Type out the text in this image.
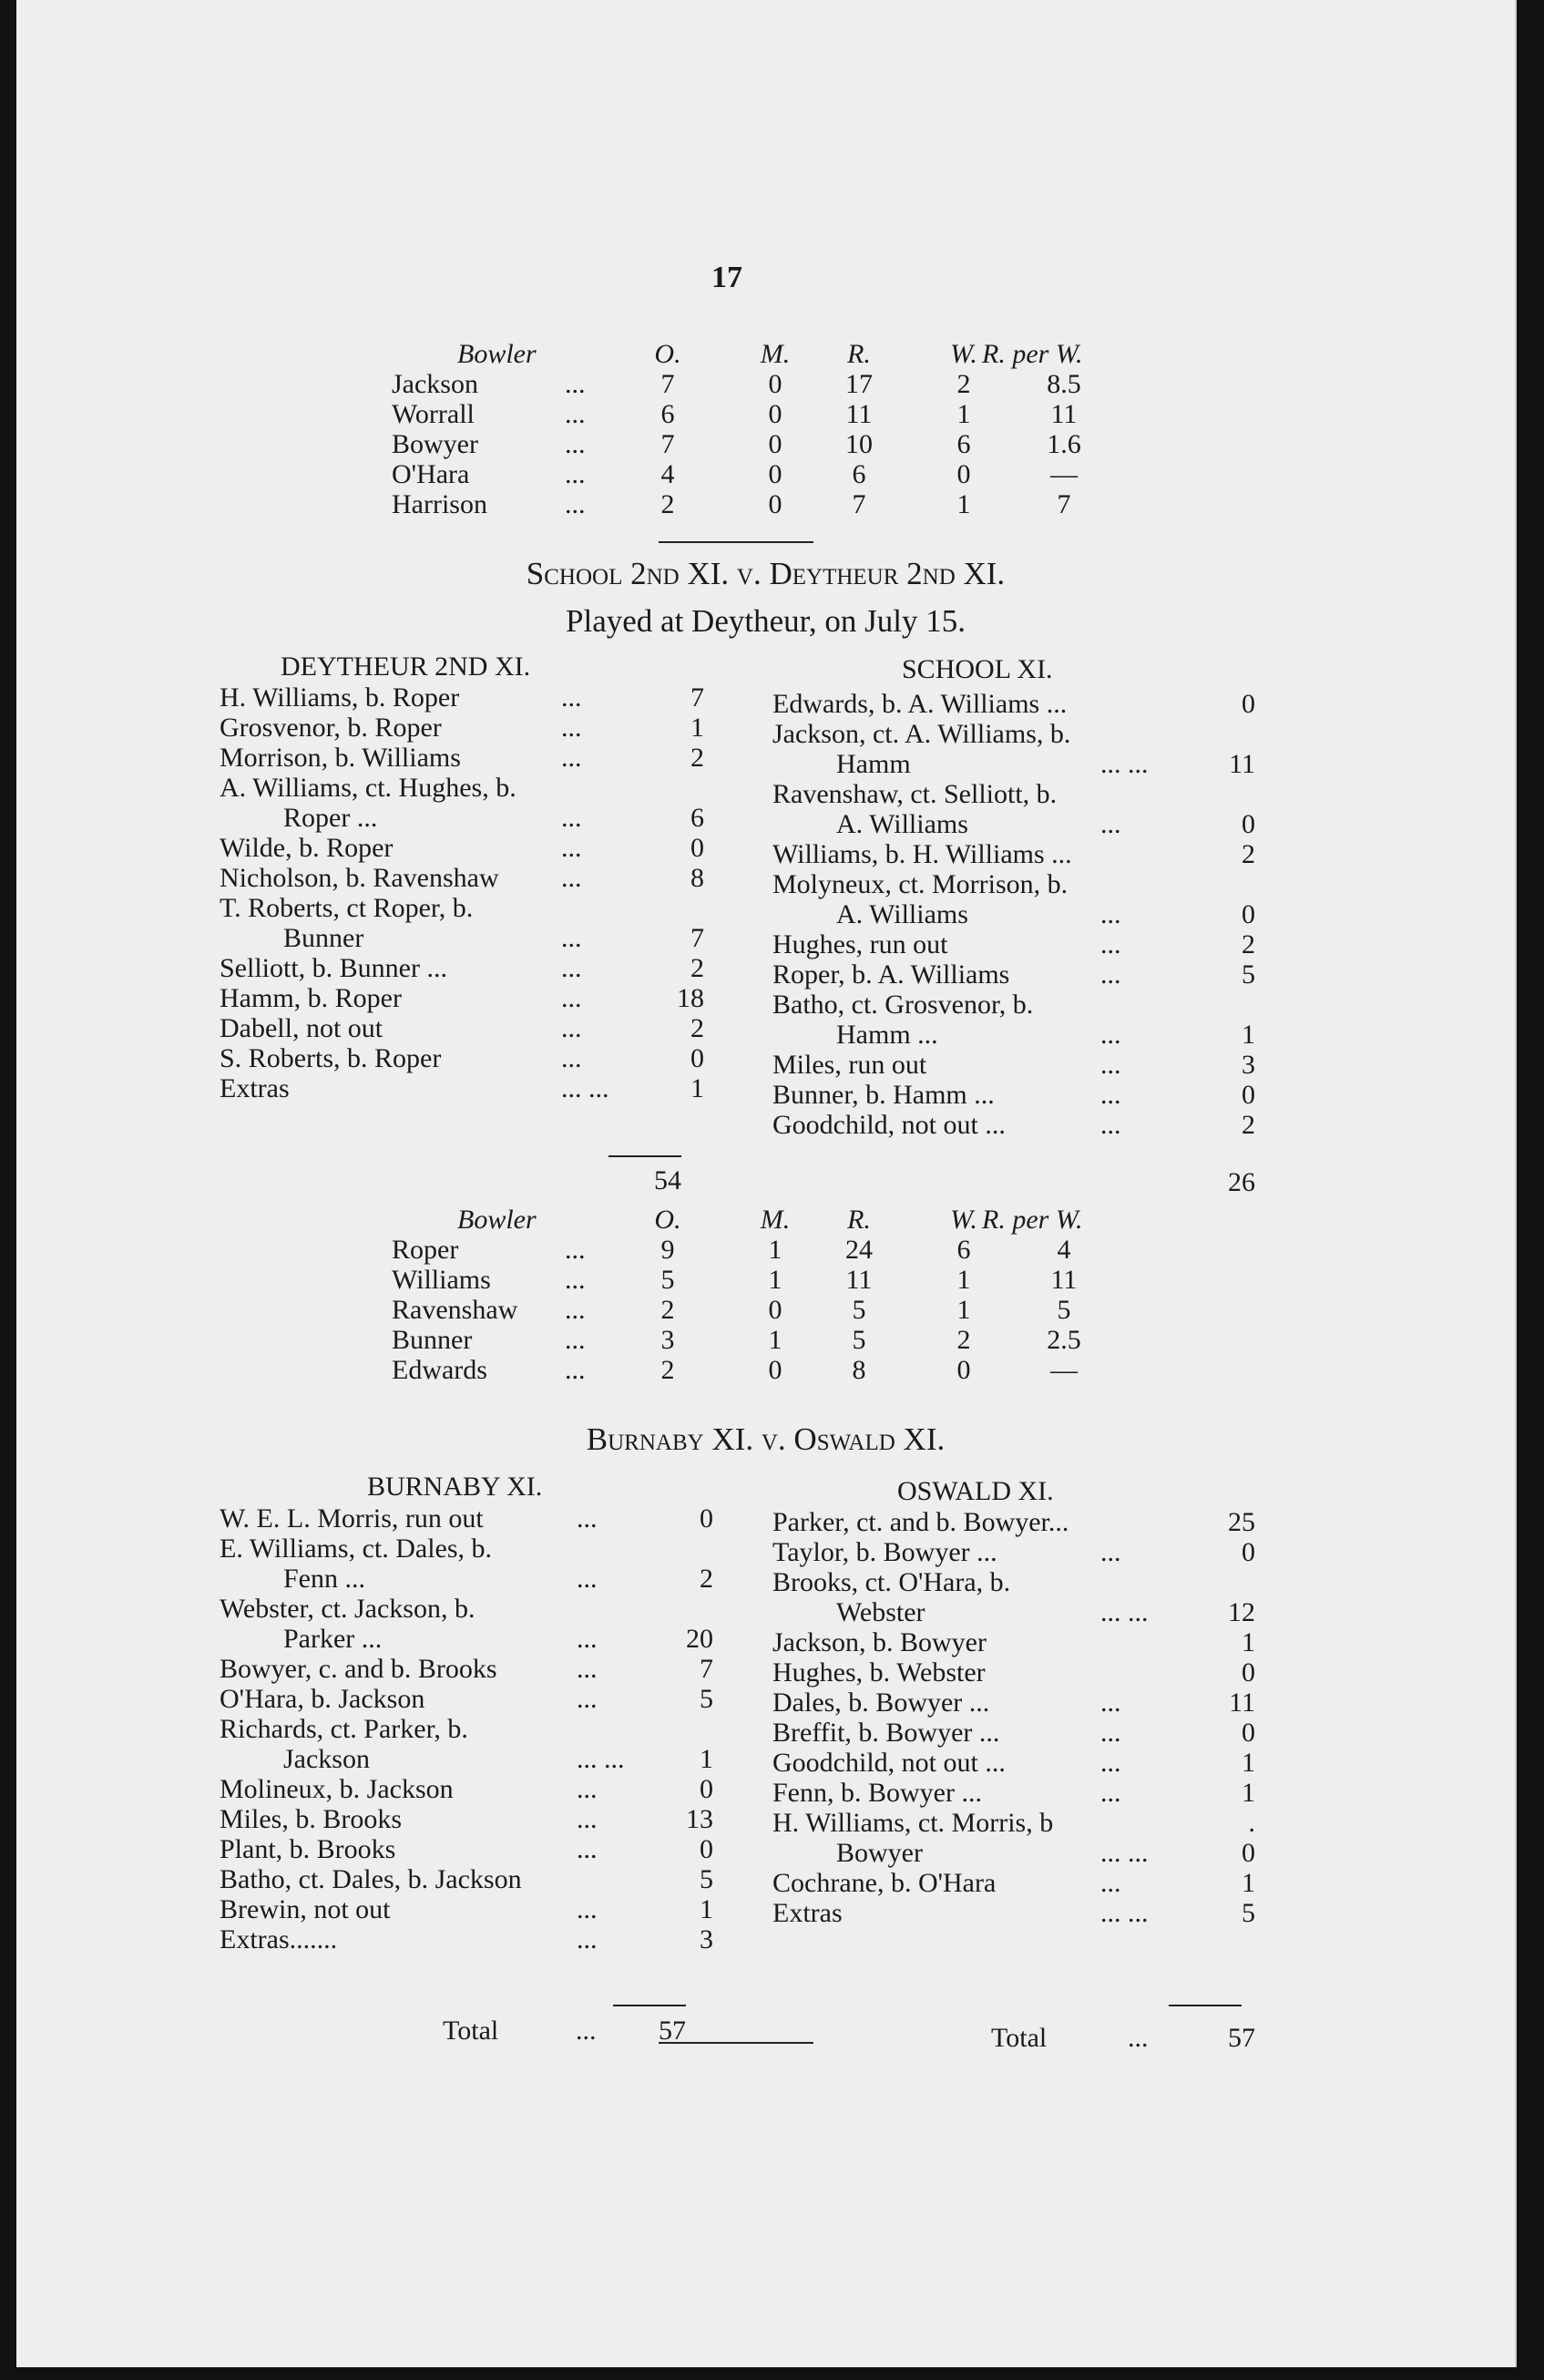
17
Bowler	O.	M.	R.	W. R. per W.
Jackson	...	7	0	17	2	8.5
Worrall	...	6	0	11	1	11
Bowyer	...	7	0	10	6	1.6
O'Hara	...	4	0	6	0	—
Harrison	...	2	0	7	1	7
School 2nd XI. v. Deytheur 2nd XI.
Played at Deytheur, on July 15.
DEYTHEUR 2ND XI.	SCHOOL XI.
H. Williams, b. Roper	...	7
Grosvenor, b. Roper	...	1
Morrison, b. Williams	...	2
A. Williams, ct. Hughes, b.
Roper ...	...	6
Wilde, b. Roper	...	0
Nicholson, b. Ravenshaw ...	8
T. Roberts, ct Roper, b.
Bunner	...	7
Selliott, b. Bunner ...	...	2
Hamm, b. Roper	...	18
Dabell, not out	...	2
S. Roberts, b. Roper	...	0
Extras	... ...	1
Edwards, b. A. Williams ...	0
Jackson, ct. A. Williams, b.
Hamm	... ...	11
Ravenshaw, ct. Selliott, b.
A. Williams	...	0
Williams, b. H. Williams ...	2
Molyneux, ct. Morrison, b.
A. Williams	...	0
Hughes, run out	...	2
Roper, b. A. Williams	...	5
Batho, ct. Grosvenor, b.
Hamm ...	...	1
Miles, run out	...	3
Bunner, b. Hamm ...	...	0
Goodchild, not out ...	...	2
54	26
Bowler	O.	M.	R.	W. R. per W.
Roper	...	9	1	24	6	4
Williams	...	5	1	11	1	11
Ravenshaw ...	2	0	5	1	5
Bunner	...	3	1	5	2	2.5
Edwards	...	2	0	8	0	—
Burnaby XI. v. Oswald XI.
BURNABY XI.	OSWALD XI.
W. E. L. Morris, run out	...	0
E. Williams, ct. Dales, b.
Fenn ...	...	2
Webster, ct. Jackson, b.
Parker ...	...	20
Bowyer, c. and b. Brooks	...	7
O'Hara, b. Jackson	...	5
Richards, ct. Parker, b.
Jackson	... ...	1
Molineux, b. Jackson	...	0
Miles, b. Brooks	...	13
Plant, b. Brooks	...	0
Batho, ct. Dales, b. Jackson	5
Brewin, not out	...	1
Extras.......	...	3
Parker, ct. and b. Bowyer...	25
Taylor, b. Bowyer ...	...	0
Brooks, ct. O'Hara, b.
Webster	... ...	12
Jackson, b. Bowyer	1
Hughes, b. Webster	0
Dales, b. Bowyer ...	...	11
Breffit, b. Bowyer ...	...	0
Goodchild, not out ...	...	1
Fenn, b. Bowyer ...	...	1
H. Williams, ct. Morris, b	.
Bowyer	... ...	0
Cochrane, b. O'Hara	...	1
Extras	... ...	5
Total	...	57	Total	...	57
